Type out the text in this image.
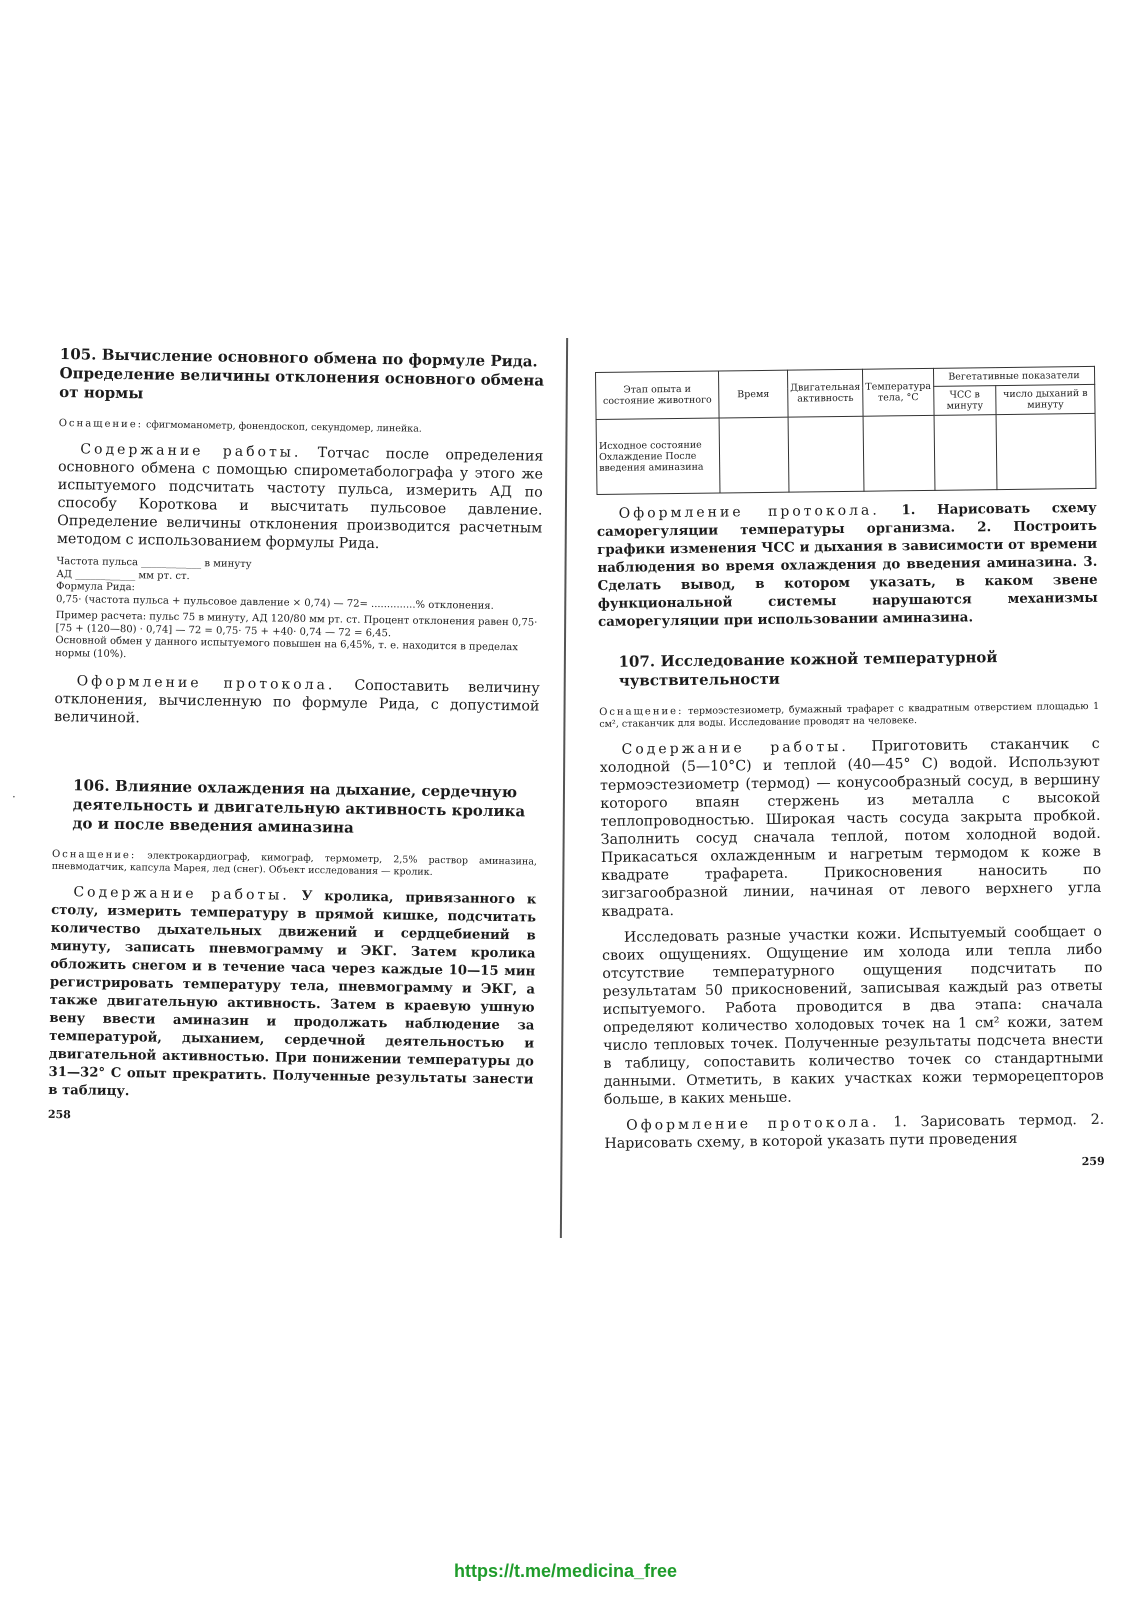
·
105. Вычисление основного обмена по формуле Рида. Определение величины отклонения основного обмена от нормы

Оснащение: сфигмоманометр, фонендоскоп, секундомер, линейка.

Содержание работы. Тотчас после определения основного обмена с помощью спирометаболографа у этого же испытуемого подсчитать частоту пульса, измерить АД по способу Короткова и высчитать пульсовое давление. Определение величины отклонения производится расчетным методом с использованием формулы Рида.

Частота пульса ____________ в минуту
АД ____________ мм рт. ст.
Формула Рида:
0,75· (частота пульса + пульсовое давление × 0,74) — 72= ..............% отклонения.
Пример расчета: пульс 75 в минуту, АД 120/80 мм рт. ст. Процент отклонения равен 0,75· [75 + (120—80) · 0,74] — 72 = 0,75· 75 + +40· 0,74 — 72 = 6,45.
Основной обмен у данного испытуемого повышен на 6,45%, т. е. находится в пределах нормы (10%).

Оформление протокола. Сопоставить величину отклонения, вычисленную по формуле Рида, с допустимой величиной.

106. Влияние охлаждения на дыхание, сердечную деятельность и двигательную активность кролика до и после введения аминазина

Оснащение: электрокардиограф, кимограф, термометр, 2,5% раствор аминазина, пневмодатчик, капсула Марея, лед (снег). Объект исследования — кролик.

Содержание работы. У кролика, привязанного к столу, измерить температуру в прямой кишке, подсчитать количество дыхательных движений и сердцебиений в минуту, записать пневмограмму и ЭКГ. Затем кролика обложить снегом и в течение часа через каждые 10—15 мин регистрировать температуру тела, пневмограмму и ЭКГ, а также двигательную активность. Затем в краевую ушную вену ввести аминазин и продолжать наблюдение за температурой, дыханием, сердечной деятельностью и двигательной активностью. При понижении температуры до 31—32° С опыт прекратить. Полученные результаты занести в таблицу.

258
Этап опыта и состояние животного	Время	Двигательная активность	Температура тела, °С	Вегетативные показатели	
				ЧСС в минуту	число дыханий в минуту
Исходное состояние Охлаждение После введения аминазина					

Оформление протокола. 1. Нарисовать схему саморегуляции температуры организма. 2. Построить графики изменения ЧСС и дыхания в зависимости от времени наблюдения во время охлаждения до введения аминазина. 3. Сделать вывод, в котором указать, в каком звене функциональной системы нарушаются механизмы саморегуляции при использовании аминазина.

107. Исследование кожной температурной чувствительности

Оснащение: термоэстезиометр, бумажный трафарет с квадратным отверстием площадью 1 см², стаканчик для воды. Исследование проводят на человеке.

Содержание работы. Приготовить стаканчик с холодной (5—10°С) и теплой (40—45° С) водой. Используют термоэстезиометр (термод) — конусообразный сосуд, в вершину которого впаян стержень из металла с высокой теплопроводностью. Широкая часть сосуда закрыта пробкой. Заполнить сосуд сначала теплой, потом холодной водой. Прикасаться охлажденным и нагретым термодом к коже в квадрате трафарета. Прикосновения наносить по зигзагообразной линии, начиная от левого верхнего угла квадрата.

Исследовать разные участки кожи. Испытуемый сообщает о своих ощущениях. Ощущение им холода или тепла либо отсутствие температурного ощущения подсчитать по результатам 50 прикосновений, записывая каждый раз ответы испытуемого. Работа проводится в два этапа: сначала определяют количество холодовых точек на 1 см² кожи, затем число тепловых точек. Полученные результаты подсчета внести в таблицу, сопоставить количество точек со стандартными данными. Отметить, в каких участках кожи терморецепторов больше, в каких меньше.

Оформление протокола. 1. Зарисовать термод. 2. Нарисовать схему, в которой указать пути проведения

259
https://t.me/medicina_free
